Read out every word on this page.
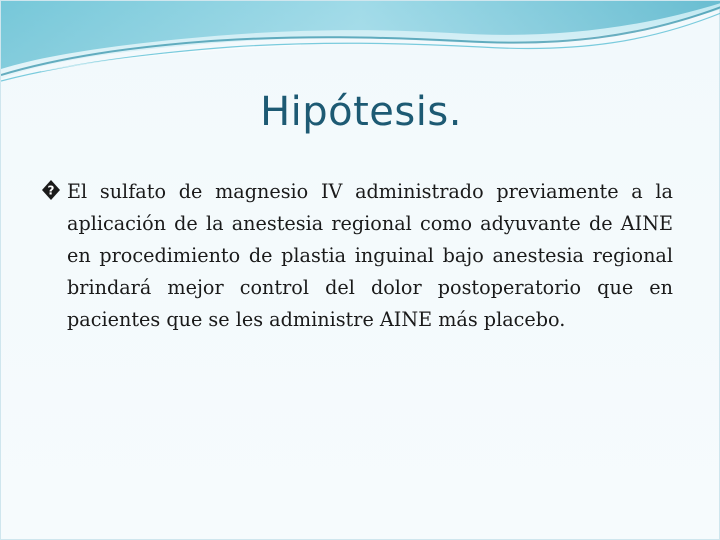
Hipótesis.
? El sulfato de magnesio IV administrado previamente a la aplicación de la anestesia regional como adyuvante de AINE en procedimiento de plastia inguinal bajo anestesia regional brindará mejor control del dolor postoperatorio que en pacientes que se les administre AINE más placebo.
